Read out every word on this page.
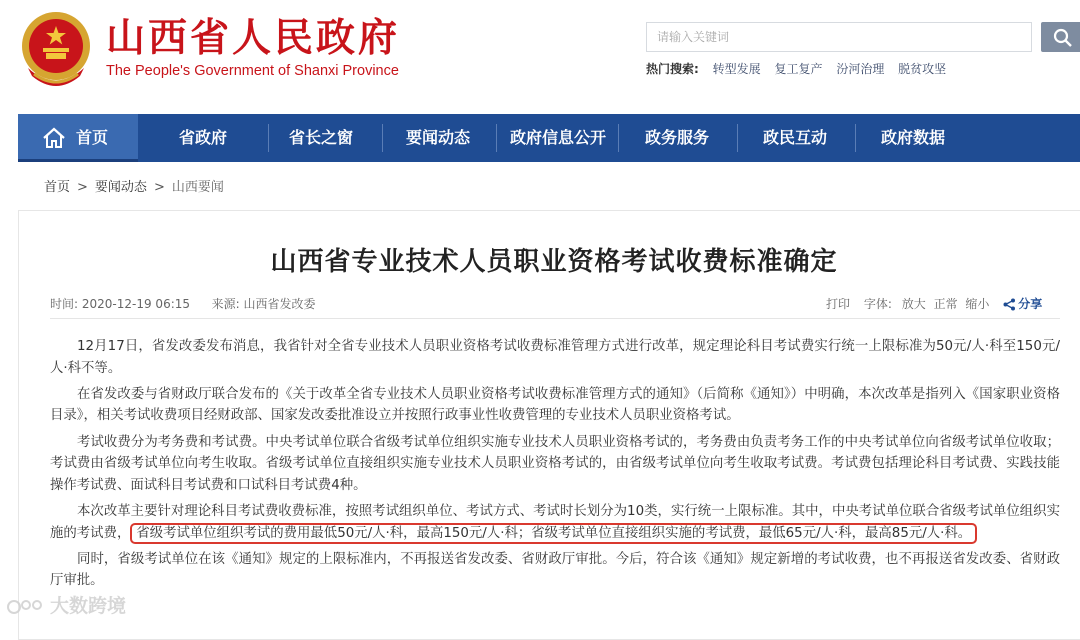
山西省人民政府
The People's Government of Shanxi Province
请输入关键词
热门搜索: 转型发展 复工复产 汾河治理 脱贫攻坚
首页	省政府	省长之窗	要闻动态	政府信息公开	政务服务	政民互动	政府数据
首页 > 要闻动态 > 山西要闻
山西省专业技术人员职业资格考试收费标准确定
时间: 2020-12-19 06:15 来源: 山西省发改委	打印 字体: 放大 正常 缩小 分享

12月17日，省发改委发布消息，我省针对全省专业技术人员职业资格考试收费标准管理方式进行改革，规定理论科目考试费实行统一上限标准为50元/人·科至150元/人·科不等。

在省发改委与省财政厅联合发布的《关于改革全省专业技术人员职业资格考试收费标准管理方式的通知》（后简称《通知》）中明确，本次改革是指列入《国家职业资格目录》，相关考试收费项目经财政部、国家发改委批准设立并按照行政事业性收费管理的专业技术人员职业资格考试。

考试收费分为考务费和考试费。中央考试单位联合省级考试单位组织实施专业技术人员职业资格考试的，考务费由负责考务工作的中央考试单位向省级考试单位收取；考试费由省级考试单位向考生收取。省级考试单位直接组织实施专业技术人员职业资格考试的，由省级考试单位向考生收取考试费。考试费包括理论科目考试费、实践技能操作考试费、面试科目考试费和口试科目考试费4种。

本次改革主要针对理论科目考试费收费标准，按照考试组织单位、考试方式、考试时长划分为10类，实行统一上限标准。其中，中央考试单位联合省级考试单位组织实施的考试费， 省级考试单位组织考试的费用最低50元/人·科，最高150元/人·科；省级考试单位直接组织实施的考试费，最低65元/人·科，最高85元/人·科。

同时，省级考试单位在该《通知》规定的上限标准内，不再报送省发改委、省财政厅审批。今后，符合该《通知》规定新增的考试收费，也不再报送省发改委、省财政厅审批。

大数跨境
